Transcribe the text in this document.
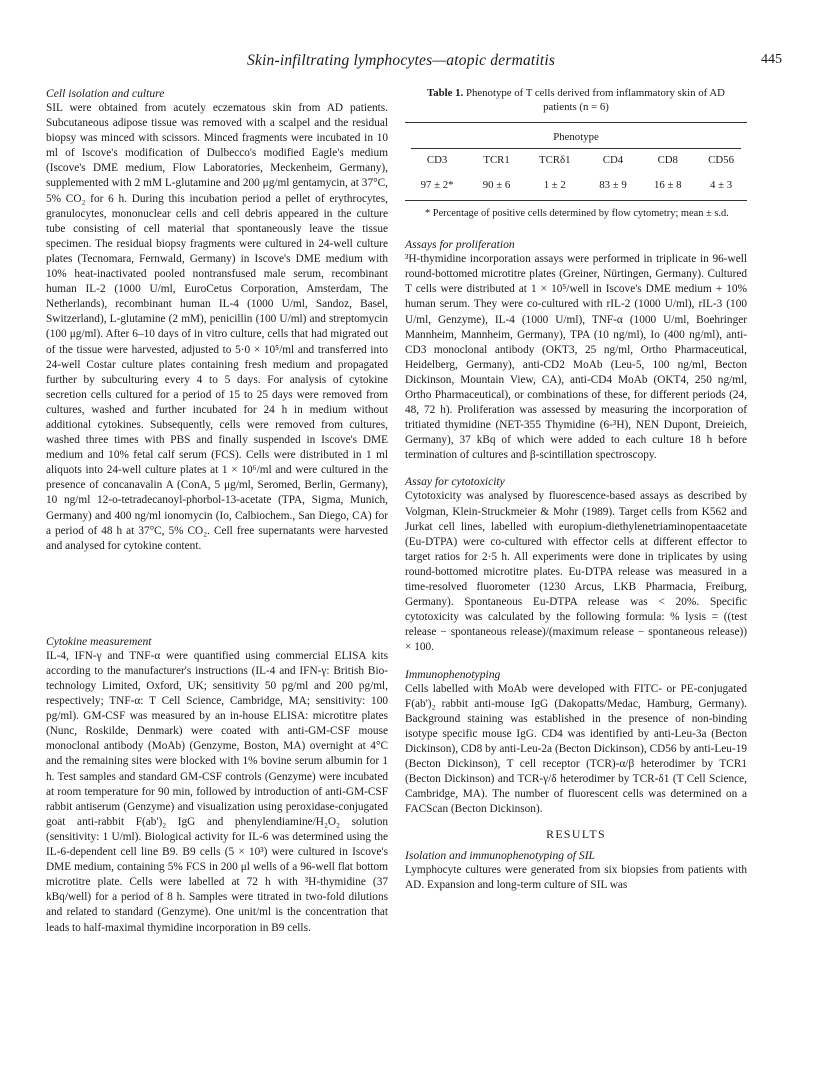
Skin-infiltrating lymphocytes—atopic dermatitis	445
Cell isolation and culture

SIL were obtained from acutely eczematous skin from AD patients. Subcutaneous adipose tissue was removed with a scalpel and the residual biopsy was minced with scissors. Minced fragments were incubated in 10 ml of Iscove's modification of Dulbecco's modified Eagle's medium (Iscove's DME medium, Flow Laboratories, Meckenheim, Germany), supplemented with 2 mM L-glutamine and 200 μg/ml gentamycin, at 37°C, 5% CO₂ for 6 h. During this incubation period a pellet of erythrocytes, granulocytes, mononuclear cells and cell debris appeared in the culture tube consisting of cell material that spontaneously leave the tissue specimen. The residual biopsy fragments were cultured in 24-well culture plates (Tecnomara, Fernwald, Germany) in Iscove's DME medium with 10% heat-inactivated pooled nontransfused male serum, recombinant human IL-2 (1000 U/ml, EuroCetus Corporation, Amsterdam, The Netherlands), recombinant human IL-4 (1000 U/ml, Sandoz, Basel, Switzerland), L-glutamine (2 mM), penicillin (100 U/ml) and streptomycin (100 μg/ml). After 6–10 days of in vitro culture, cells that had migrated out of the tissue were harvested, adjusted to 5·0 × 10⁵/ml and transferred into 24-well Costar culture plates containing fresh medium and propagated further by subculturing every 4 to 5 days. For analysis of cytokine secretion cells cultured for a period of 15 to 25 days were removed from cultures, washed and further incubated for 24 h in medium without additional cytokines. Subsequently, cells were removed from cultures, washed three times with PBS and finally suspended in Iscove's DME medium and 10% fetal calf serum (FCS). Cells were distributed in 1 ml aliquots into 24-well culture plates at 1 × 10⁶/ml and were cultured in the presence of concanavalin A (ConA, 5 μg/ml, Seromed, Berlin, Germany), 10 ng/ml 12-o-tetradecanoyl-phorbol-13-acetate (TPA, Sigma, Munich, Germany) and 400 ng/ml ionomycin (Io, Calbiochem., San Diego, CA) for a period of 48 h at 37°C, 5% CO₂. Cell free supernatants were harvested and analysed for cytokine content.

Cytokine measurement

IL-4, IFN-γ and TNF-α were quantified using commercial ELISA kits according to the manufacturer's instructions (IL-4 and IFN-γ: British Bio-technology Limited, Oxford, UK; sensitivity 50 pg/ml and 200 pg/ml, respectively; TNF-α: T Cell Science, Cambridge, MA; sensitivity: 100 pg/ml). GM-CSF was measured by an in-house ELISA: microtitre plates (Nunc, Roskilde, Denmark) were coated with anti-GM-CSF mouse monoclonal antibody (MoAb) (Genzyme, Boston, MA) overnight at 4°C and the remaining sites were blocked with 1% bovine serum albumin for 1 h. Test samples and standard GM-CSF controls (Genzyme) were incubated at room temperature for 90 min, followed by introduction of anti-GM-CSF rabbit antiserum (Genzyme) and visualization using peroxidase-conjugated goat anti-rabbit F(ab')₂ IgG and phenylendiamine/H₂O₂ solution (sensitivity: 1 U/ml). Biological activity for IL-6 was determined using the IL-6-dependent cell line B9. B9 cells (5 × 10³) were cultured in Iscove's DME medium, containing 5% FCS in 200 μl wells of a 96-well flat bottom microtitre plate. Cells were labelled at 72 h with ³H-thymidine (37 kBq/well) for a period of 8 h. Samples were titrated in two-fold dilutions and related to standard (Genzyme). One unit/ml is the concentration that leads to half-maximal thymidine incorporation in B9 cells.

Table 1. Phenotype of T cells derived from inflammatory skin of AD patients (n = 6)
Phenotype					

CD3	TCR1	TCRδ1	CD4	CD8	CD56
97 ± 2*	90 ± 6	1 ± 2	83 ± 9	16 ± 8	4 ± 3

* Percentage of positive cells determined by flow cytometry; mean ± s.d.

Assays for proliferation

³H-thymidine incorporation assays were performed in triplicate in 96-well round-bottomed microtitre plates (Greiner, Nürtingen, Germany). Cultured T cells were distributed at 1 × 10⁵/well in Iscove's DME medium + 10% human serum. They were co-cultured with rIL-2 (1000 U/ml), rIL-3 (100 U/ml, Genzyme), IL-4 (1000 U/ml), TNF-α (1000 U/ml, Boehringer Mannheim, Mannheim, Germany), TPA (10 ng/ml), Io (400 ng/ml), anti-CD3 monoclonal antibody (OKT3, 25 ng/ml, Ortho Pharmaceutical, Heidelberg, Germany), anti-CD2 MoAb (Leu-5, 100 ng/ml, Becton Dickinson, Mountain View, CA), anti-CD4 MoAb (OKT4, 250 ng/ml, Ortho Pharmaceutical), or combinations of these, for different periods (24, 48, 72 h). Proliferation was assessed by measuring the incorporation of tritiated thymidine (NET-355 Thymidine (6-³H), NEN Dupont, Dreieich, Germany), 37 kBq of which were added to each culture 18 h before termination of cultures and β-scintillation spectroscopy.

Assay for cytotoxicity

Cytotoxicity was analysed by fluorescence-based assays as described by Volgman, Klein-Struckmeier & Mohr (1989). Target cells from K562 and Jurkat cell lines, labelled with europium-diethylenetriaminopentaacetate (Eu-DTPA) were co-cultured with effector cells at different effector to target ratios for 2·5 h. All experiments were done in triplicates by using round-bottomed microtitre plates. Eu-DTPA release was measured in a time-resolved fluorometer (1230 Arcus, LKB Pharmacia, Freiburg, Germany). Spontaneous Eu-DTPA release was < 20%. Specific cytotoxicity was calculated by the following formula: % lysis = ((test release − spontaneous release)/(maximum release − spontaneous release)) × 100.

Immunophenotyping

Cells labelled with MoAb were developed with FITC- or PE-conjugated F(ab')₂ rabbit anti-mouse IgG (Dakopatts/Medac, Hamburg, Germany). Background staining was established in the presence of non-binding isotype specific mouse IgG. CD4 was identified by anti-Leu-3a (Becton Dickinson), CD8 by anti-Leu-2a (Becton Dickinson), CD56 by anti-Leu-19 (Becton Dickinson), T cell receptor (TCR)-α/β heterodimer by TCR1 (Becton Dickinson) and TCR-γ/δ heterodimer by TCR-δ1 (T Cell Science, Cambridge, MA). The number of fluorescent cells was determined on a FACScan (Becton Dickinson).

RESULTS
Isolation and immunophenotyping of SIL

Lymphocyte cultures were generated from six biopsies from patients with AD. Expansion and long-term culture of SIL was
